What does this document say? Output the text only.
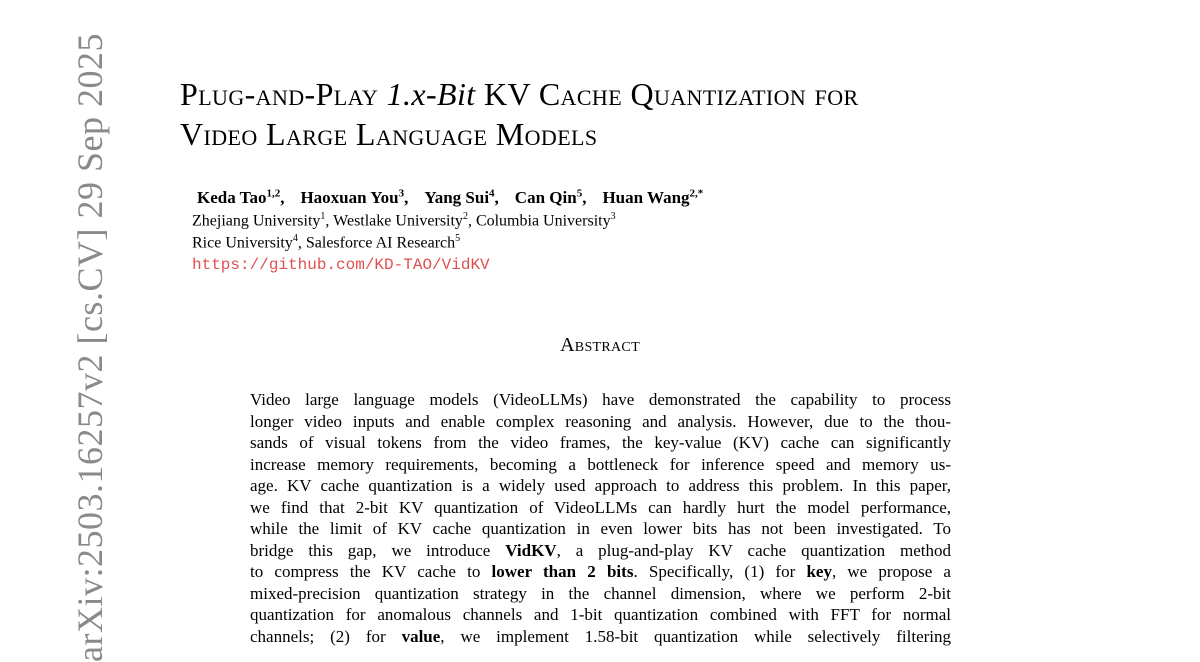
arXiv:2503.16257v2 [cs.CV] 29 Sep 2025 Plug-and-Play 1.x-Bit KV Cache Quantization for
Video Large Language Models
Keda Tao$^{1,2}$, Haoxuan You$^3$, Yang Sui$^4$, Can Qin$^5$, Huan Wang$^{2,*}$
Zhejiang University$^1$, Westlake University$^2$, Columbia University$^3$
Rice University$^4$, Salesforce AI Research$^5$
https://github.com/KD-TAO/VidKV
Abstract
Video large language models (VideoLLMs) have demonstrated the capability to process
longer video inputs and enable complex reasoning and analysis. However, due to the thou-
sands of visual tokens from the video frames, the key-value (KV) cache can significantly
increase memory requirements, becoming a bottleneck for inference speed and memory us-
age. KV cache quantization is a widely used approach to address this problem. In this paper,
we find that 2-bit KV quantization of VideoLLMs can hardly hurt the model performance,
while the limit of KV cache quantization in even lower bits has not been investigated. To
bridge this gap, we introduce VidKV, a plug-and-play KV cache quantization method
to compress the KV cache to lower than 2 bits. Specifically, (1) for key, we propose a
mixed-precision quantization strategy in the channel dimension, where we perform 2-bit
quantization for anomalous channels and 1-bit quantization combined with FFT for normal
channels; (2) for value, we implement 1.58-bit quantization while selectively filtering
